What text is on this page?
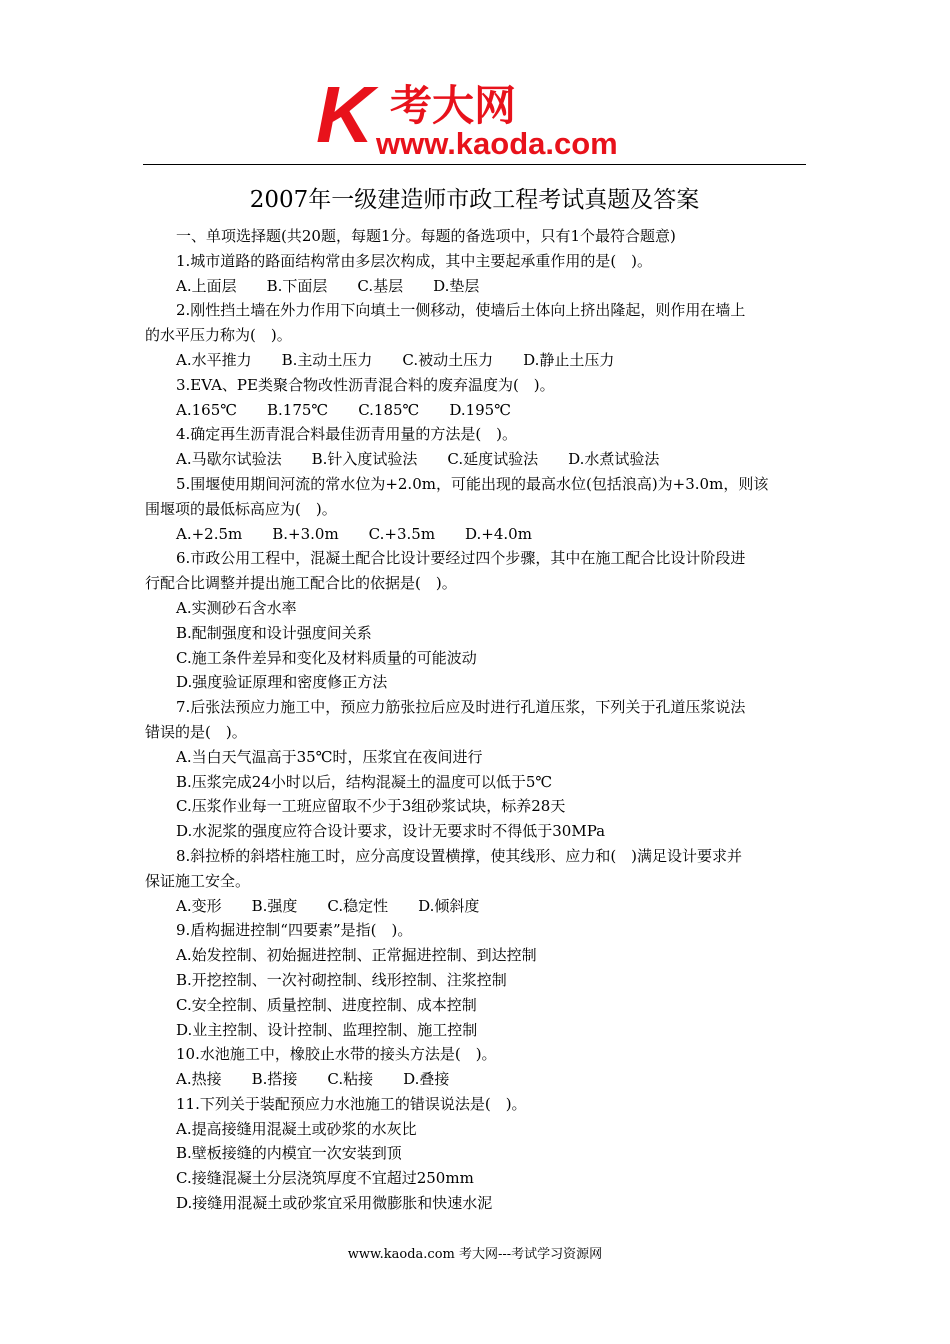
K 考大网
www.kaoda.com
2007年一级建造师市政工程考试真题及答案
一、单项选择题(共20题，每题1分。每题的备选项中，只有1个最符合题意)
1.城市道路的路面结构常由多层次构成，其中主要起承重作用的是(　)。
A.上面层　　B.下面层　　C.基层　　D.垫层
2.刚性挡土墙在外力作用下向填土一侧移动，使墙后土体向上挤出隆起，则作用在墙上
的水平压力称为(　)。
A.水平推力　　B.主动土压力　　C.被动土压力　　D.静止土压力
3.EVA、PE类聚合物改性沥青混合料的废弃温度为(　)。
A.165℃　　B.175℃　　C.185℃　　D.195℃
4.确定再生沥青混合料最佳沥青用量的方法是(　)。
A.马歇尔试验法　　B.针入度试验法　　C.延度试验法　　D.水煮试验法
5.围堰使用期间河流的常水位为+2.0m，可能出现的最高水位(包括浪高)为+3.0m，则该
围堰项的最低标高应为(　)。
A.+2.5m　　B.+3.0m　　C.+3.5m　　D.+4.0m
6.市政公用工程中，混凝土配合比设计要经过四个步骤，其中在施工配合比设计阶段进
行配合比调整并提出施工配合比的依据是(　)。
A.实测砂石含水率
B.配制强度和设计强度间关系
C.施工条件差异和变化及材料质量的可能波动
D.强度验证原理和密度修正方法
7.后张法预应力施工中，预应力筋张拉后应及时进行孔道压浆，下列关于孔道压浆说法
错误的是(　)。
A.当白天气温高于35℃时，压浆宜在夜间进行
B.压浆完成24小时以后，结构混凝土的温度可以低于5℃
C.压浆作业每一工班应留取不少于3组砂浆试块，标养28天
D.水泥浆的强度应符合设计要求，设计无要求时不得低于30MPa
8.斜拉桥的斜塔柱施工时，应分高度设置横撑，使其线形、应力和(　)满足设计要求并
保证施工安全。
A.变形　　B.强度　　C.稳定性　　D.倾斜度
9.盾构掘进控制“四要素”是指(　)。
A.始发控制、初始掘进控制、正常掘进控制、到达控制
B.开挖控制、一次衬砌控制、线形控制、注浆控制
C.安全控制、质量控制、进度控制、成本控制
D.业主控制、设计控制、监理控制、施工控制
10.水池施工中，橡胶止水带的接头方法是(　)。
A.热接　　B.搭接　　C.粘接　　D.叠接
11.下列关于装配预应力水池施工的错误说法是(　)。
A.提高接缝用混凝土或砂浆的水灰比
B.壁板接缝的内模宜一次安装到顶
C.接缝混凝土分层浇筑厚度不宜超过250mm
D.接缝用混凝土或砂浆宜采用微膨胀和快速水泥
www.kaoda.com 考大网---考试学习资源网
